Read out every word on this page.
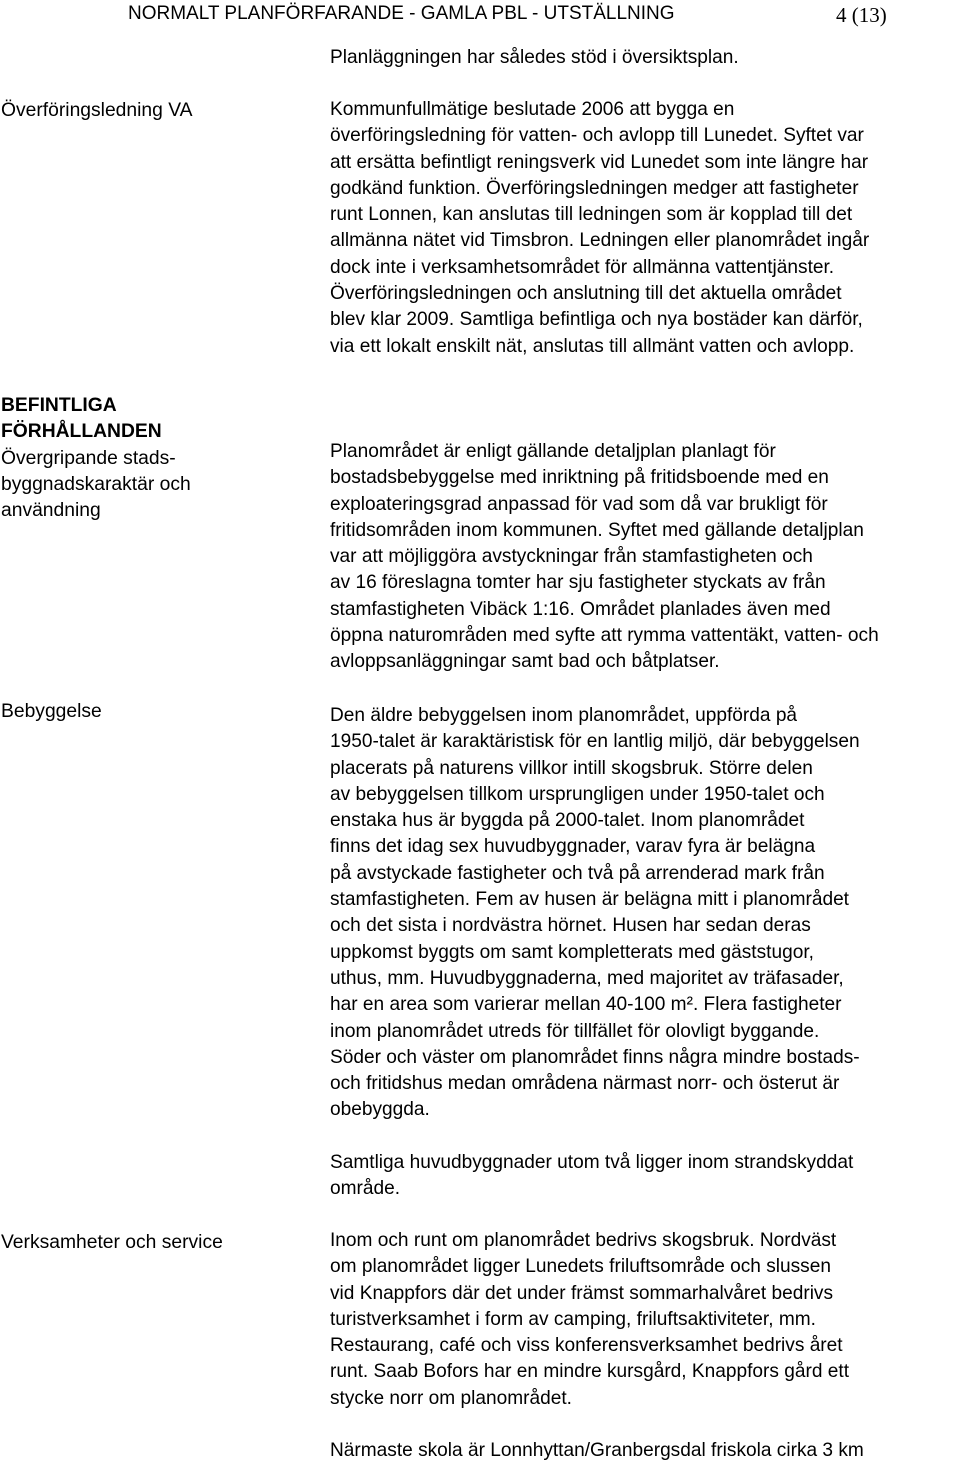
NORMALT PLANFÖRFARANDE - GAMLA PBL - UTSTÄLLNING	4 (13)
Överföringsledning VA
BEFINTLIGA
FÖRHÅLLANDEN
Övergripande stads-
byggnadskaraktär och
användning
Bebyggelse
Verksamheter och service
Planläggningen har således stöd i översiktsplan.
Kommunfullmätige beslutade 2006 att bygga en
överföringsledning för vatten- och avlopp till Lunedet. Syftet var
att ersätta befintligt reningsverk vid Lunedet som inte längre har
godkänd funktion. Överföringsledningen medger att fastigheter
runt Lonnen, kan anslutas till ledningen som är kopplad till det
allmänna nätet vid Timsbron. Ledningen eller planområdet ingår
dock inte i verksamhetsområdet för allmänna vattentjänster.
Överföringsledningen och anslutning till det aktuella området
blev klar 2009. Samtliga befintliga och nya bostäder kan därför,
via ett lokalt enskilt nät, anslutas till allmänt vatten och avlopp.
Planområdet är enligt gällande detaljplan planlagt för
bostadsbebyggelse med inriktning på fritidsboende med en
exploateringsgrad anpassad för vad som då var brukligt för
fritidsområden inom kommunen. Syftet med gällande detaljplan
var att möjliggöra avstyckningar från stamfastigheten och
av 16 föreslagna tomter har sju fastigheter styckats av från
stamfastigheten Vibäck 1:16. Området planlades även med
öppna naturområden med syfte att rymma vattentäkt, vatten- och
avloppsanläggningar samt bad och båtplatser.
Den äldre bebyggelsen inom planområdet, uppförda på
1950-talet är karaktäristisk för en lantlig miljö, där bebyggelsen
placerats på naturens villkor intill skogsbruk. Större delen
av bebyggelsen tillkom ursprungligen under 1950-talet och
enstaka hus är byggda på 2000-talet. Inom planområdet
finns det idag sex huvudbyggnader, varav fyra är belägna
på avstyckade fastigheter och två på arrenderad mark från
stamfastigheten. Fem av husen är belägna mitt i planområdet
och det sista i nordvästra hörnet. Husen har sedan deras
uppkomst byggts om samt kompletterats med gäststugor,
uthus, mm. Huvudbyggnaderna, med majoritet av träfasader,
har en area som varierar mellan 40-100 m². Flera fastigheter
inom planområdet utreds för tillfället för olovligt byggande.
Söder och väster om planområdet finns några mindre bostads-
och fritidshus medan områdena närmast norr- och österut är
obebyggda.
Samtliga huvudbyggnader utom två ligger inom strandskyddat
område.
Inom och runt om planområdet bedrivs skogsbruk. Nordväst
om planområdet ligger Lunedets friluftsområde och slussen
vid Knappfors där det under främst sommarhalvåret bedrivs
turistverksamhet i form av camping, friluftsaktiviteter, mm.
Restaurang, café och viss konferensverksamhet bedrivs året
runt. Saab Bofors har en mindre kursgård, Knappfors gård ett
stycke norr om planområdet.
Närmaste skola är Lonnhyttan/Granbergsdal friskola cirka 3 km
